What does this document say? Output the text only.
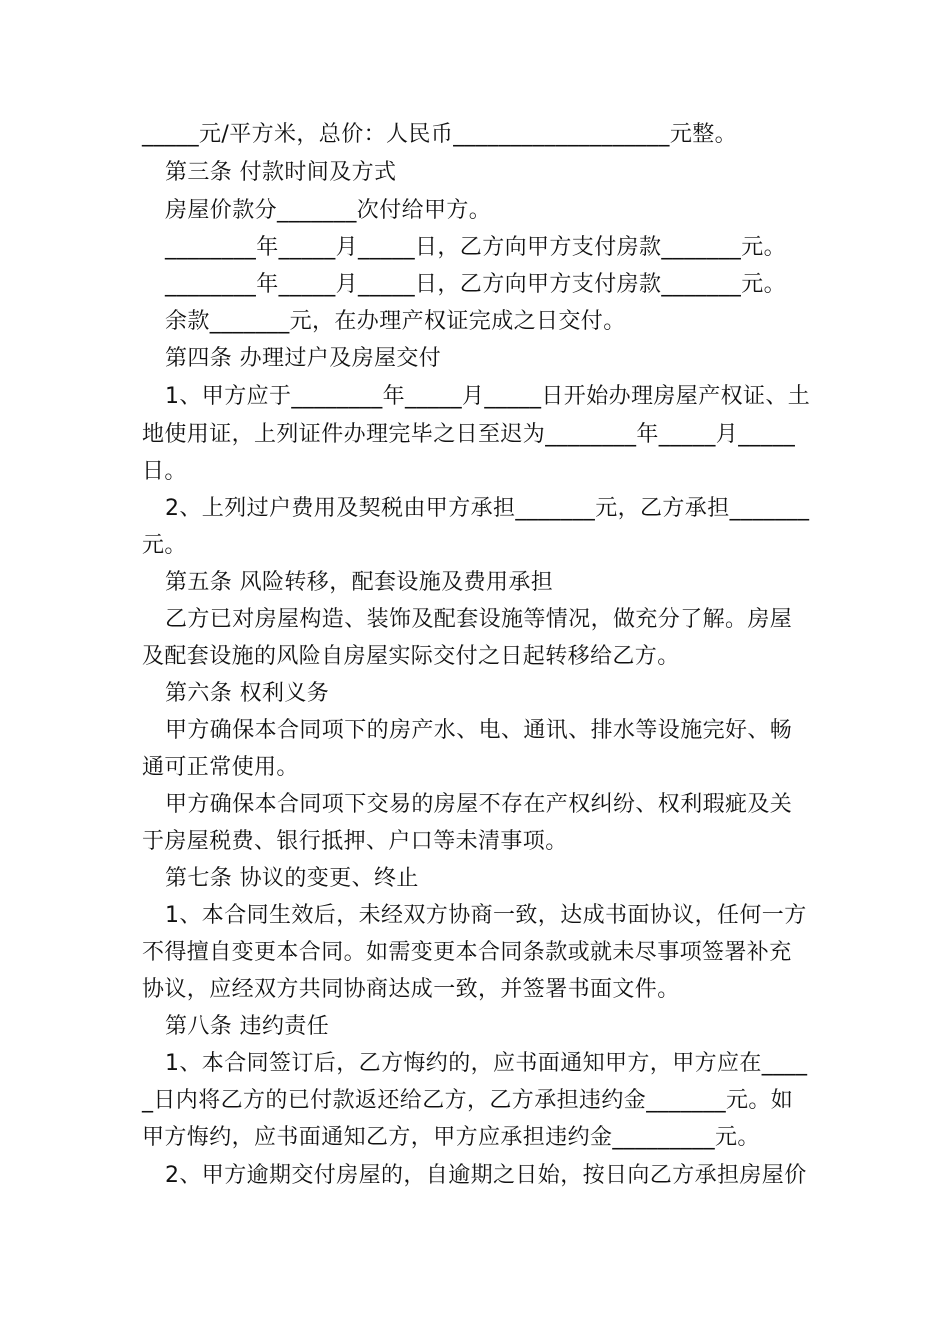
_____元/平方米，总价：人民币___________________元整。
第三条 付款时间及方式
房屋价款分_______次付给甲方。
________年_____月_____日，乙方向甲方支付房款_______元。
________年_____月_____日，乙方向甲方支付房款_______元。
余款_______元，在办理产权证完成之日交付。
第四条 办理过户及房屋交付
1、甲方应于________年_____月_____日开始办理房屋产权证、土
地使用证，上列证件办理完毕之日至迟为________年_____月_____
日。
2、上列过户费用及契税由甲方承担_______元，乙方承担_______
元。
第五条 风险转移，配套设施及费用承担
乙方已对房屋构造、装饰及配套设施等情况，做充分了解。房屋
及配套设施的风险自房屋实际交付之日起转移给乙方。
第六条 权利义务
甲方确保本合同项下的房产水、电、通讯、排水等设施完好、畅
通可正常使用。
甲方确保本合同项下交易的房屋不存在产权纠纷、权利瑕疵及关
于房屋税费、银行抵押、户口等未清事项。
第七条 协议的变更、终止
1、本合同生效后，未经双方协商一致，达成书面协议，任何一方
不得擅自变更本合同。如需变更本合同条款或就未尽事项签署补充
协议，应经双方共同协商达成一致，并签署书面文件。
第八条 违约责任
1、本合同签订后，乙方悔约的，应书面通知甲方，甲方应在____
_日内将乙方的已付款返还给乙方，乙方承担违约金_______元。如
甲方悔约，应书面通知乙方，甲方应承担违约金_________元。
2、甲方逾期交付房屋的，自逾期之日始，按日向乙方承担房屋价
